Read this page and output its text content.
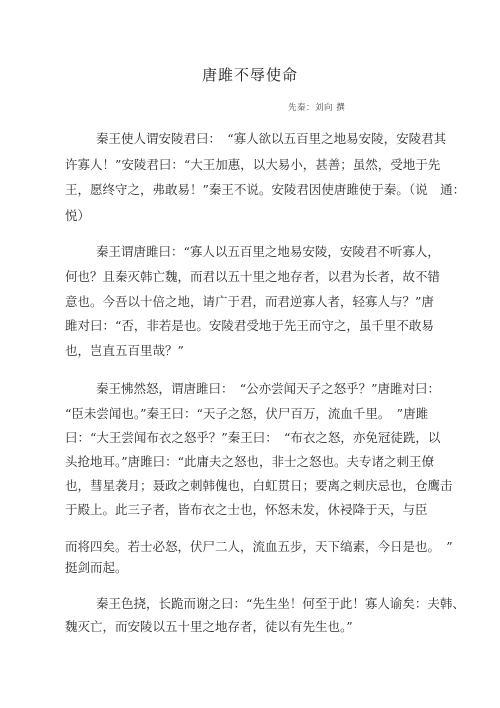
唐雎不辱使命
先秦：刘向 撰
秦王使人谓安陵君曰：　“寡人欲以五百里之地易安陵，安陵君其
许寡人！”安陵君曰：“大王加惠，以大易小，甚善；虽然，受地于先
王，愿终守之，弗敢易！”秦王不说。安陵君因使唐雎使于秦。（说　通：
悦）
秦王谓唐雎曰：“寡人以五百里之地易安陵，安陵君不听寡人，
何也？且秦灭韩亡魏，而君以五十里之地存者，以君为长者，故不错
意也。今吾以十倍之地，请广于君，而君逆寡人者，轻寡人与？”唐
雎对曰：“否，非若是也。安陵君受地于先王而守之，虽千里不敢易
也，岂直五百里哉？”
秦王怫然怒，谓唐雎曰：　“公亦尝闻天子之怒乎？”唐雎对曰：
“臣未尝闻也。”秦王曰：“天子之怒，伏尸百万，流血千里。　”唐雎
曰：“大王尝闻布衣之怒乎？”秦王曰：　“布衣之怒，亦免冠徒跣，以
头抢地耳。”唐雎曰：“此庸夫之怒也，非士之怒也。夫专诸之刺王僚
也，彗星袭月；聂政之刺韩傀也，白虹贯日；要离之刺庆忌也，仓鹰击
于殿上。此三子者，皆布衣之士也，怀怒未发，休祲降于天，与臣
而将四矣。若士必怒，伏尸二人，流血五步，天下缟素，今日是也。　”
挺剑而起。
秦王色挠，长跪而谢之曰：“先生坐！何至于此！寡人谕矣：夫韩、
魏灭亡，而安陵以五十里之地存者，徒以有先生也。”
